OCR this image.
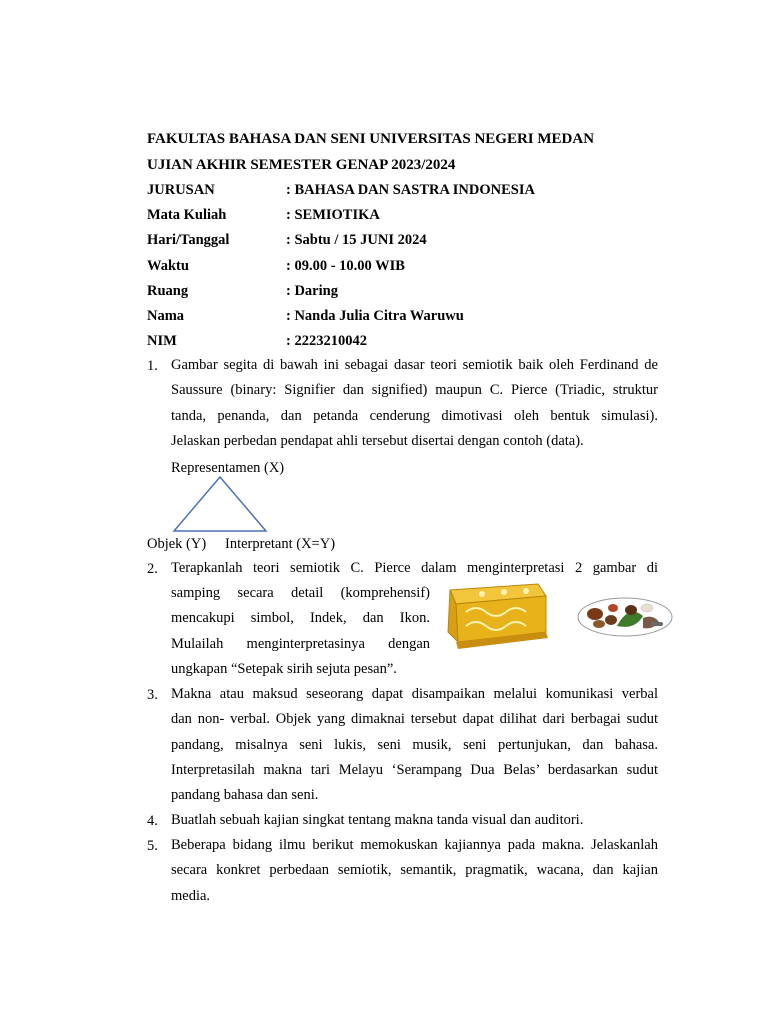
FAKULTAS BAHASA DAN SENI UNIVERSITAS NEGERI MEDAN
UJIAN AKHIR SEMESTER GENAP 2023/2024
JURUSAN	: BAHASA DAN SASTRA INDONESIA
Mata Kuliah	: SEMIOTIKA
Hari/Tanggal	: Sabtu / 15 JUNI 2024
Waktu	: 09.00 - 10.00 WIB
Ruang	: Daring
Nama	: Nanda Julia Citra Waruwu
NIM	: 2223210042
1. Gambar segita di bawah ini sebagai dasar teori semiotik baik oleh Ferdinand de
Saussure (binary: Signifier dan signified) maupun C. Pierce (Triadic, struktur
tanda, penanda, dan petanda cenderung dimotivasi oleh bentuk simulasi).
Jelaskan perbedan pendapat ahli tersebut disertai dengan contoh (data).
Representamen (X)
Objek (Y) Interpretant (X=Y)
2. Terapkanlah teori semiotik C. Pierce dalam menginterpretasi 2 gambar di
samping secara detail (komprehensif)
mencakupi simbol, Indek, dan Ikon.
Mulailah menginterpretasinya dengan
ungkapan “Setepak sirih sejuta pesan”.
3. Makna atau maksud seseorang dapat disampaikan melalui komunikasi verbal
dan non- verbal. Objek yang dimaknai tersebut dapat dilihat dari berbagai sudut
pandang, misalnya seni lukis, seni musik, seni pertunjukan, dan bahasa.
Interpretasilah makna tari Melayu ‘Serampang Dua Belas’ berdasarkan sudut
pandang bahasa dan seni.
4. Buatlah sebuah kajian singkat tentang makna tanda visual dan auditori.
5. Beberapa bidang ilmu berikut memokuskan kajiannya pada makna. Jelaskanlah
secara konkret perbedaan semiotik, semantik, pragmatik, wacana, dan kajian
media.
